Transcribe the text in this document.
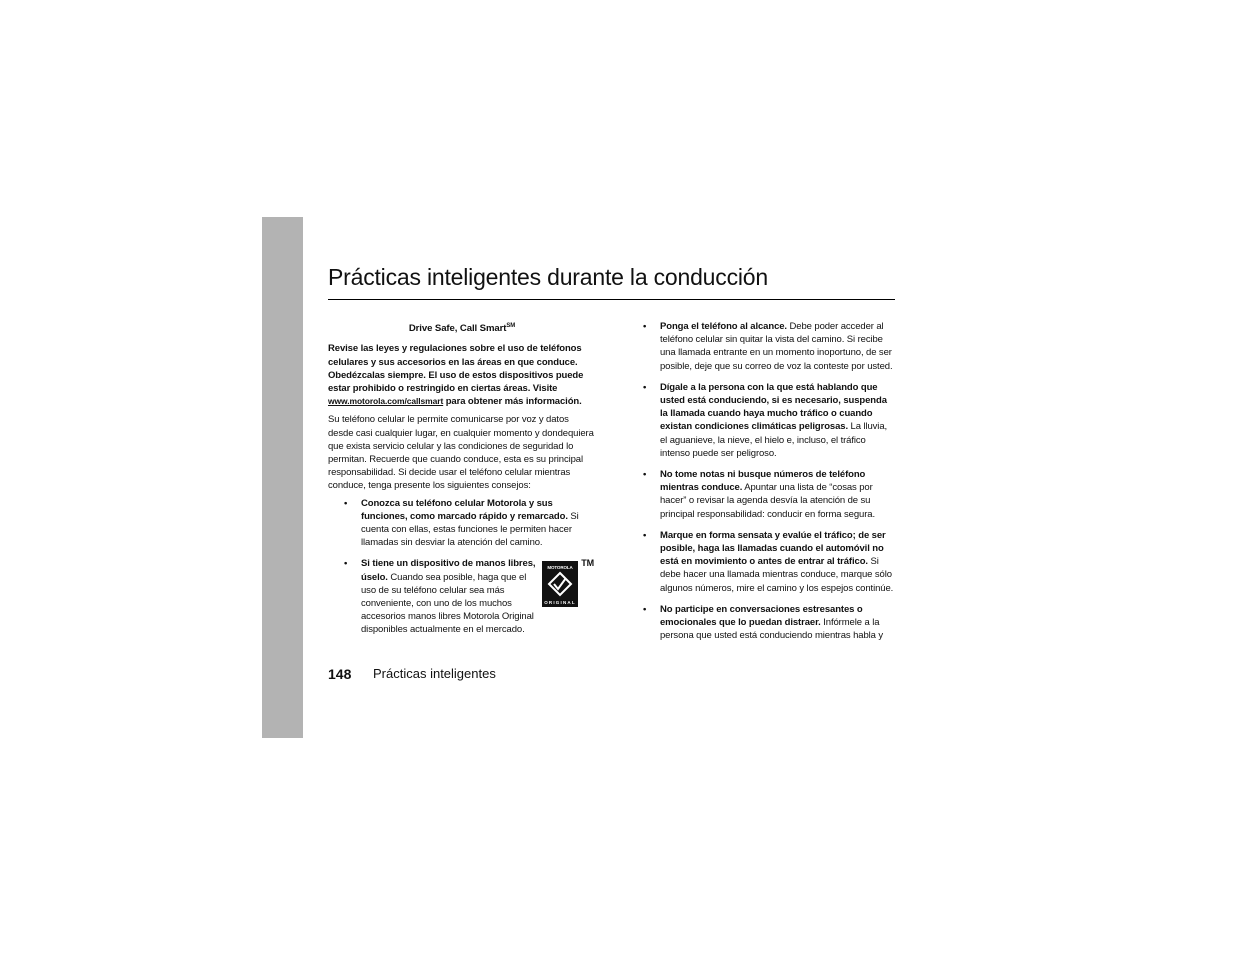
Prácticas inteligentes durante la conducción

Drive Safe, Call Smart℠

Revise las leyes y regulaciones sobre el uso de teléfonos celulares y sus accesorios en las áreas en que conduce. Obedézcalas siempre. El uso de estos dispositivos puede estar prohibido o restringido en ciertas áreas. Visite www.motorola.com/callsmart para obtener más información.

Su teléfono celular le permite comunicarse por voz y datos desde casi cualquier lugar, en cualquier momento y dondequiera que exista servicio celular y las condiciones de seguridad lo permitan. Recuerde que cuando conduce, esta es su principal responsabilidad. Si decide usar el teléfono celular mientras conduce, tenga presente los siguientes consejos:

• Conozca su teléfono celular Motorola y sus funciones, como marcado rápido y remarcado. Si cuenta con ellas, estas funciones le permiten hacer llamadas sin desviar la atención del camino.
• Si tiene un dispositivo de manos libres, úselo. Cuando sea posible, haga que el uso de su teléfono celular sea más conveniente, con uno de los muchos accesorios manos libres Motorola Original disponibles actualmente en el mercado.
MOTOROLA
ORIGINAL
TM
• Ponga el teléfono al alcance. Debe poder acceder al teléfono celular sin quitar la vista del camino. Si recibe una llamada entrante en un momento inoportuno, de ser posible, deje que su correo de voz la conteste por usted.
• Dígale a la persona con la que está hablando que usted está conduciendo, si es necesario, suspenda la llamada cuando haya mucho tráfico o cuando existan condiciones climáticas peligrosas. La lluvia, el aguanieve, la nieve, el hielo e, incluso, el tráfico intenso puede ser peligroso.
• No tome notas ni busque números de teléfono mientras conduce. Apuntar una lista de “cosas por hacer” o revisar la agenda desvía la atención de su principal responsabilidad: conducir en forma segura.
• Marque en forma sensata y evalúe el tráfico; de ser posible, haga las llamadas cuando el automóvil no está en movimiento o antes de entrar al tráfico. Si debe hacer una llamada mientras conduce, marque sólo algunos números, mire el camino y los espejos continúe.
• No participe en conversaciones estresantes o emocionales que lo puedan distraer. Infórmele a la persona que usted está conduciendo mientras habla y
148 Prácticas inteligentes
